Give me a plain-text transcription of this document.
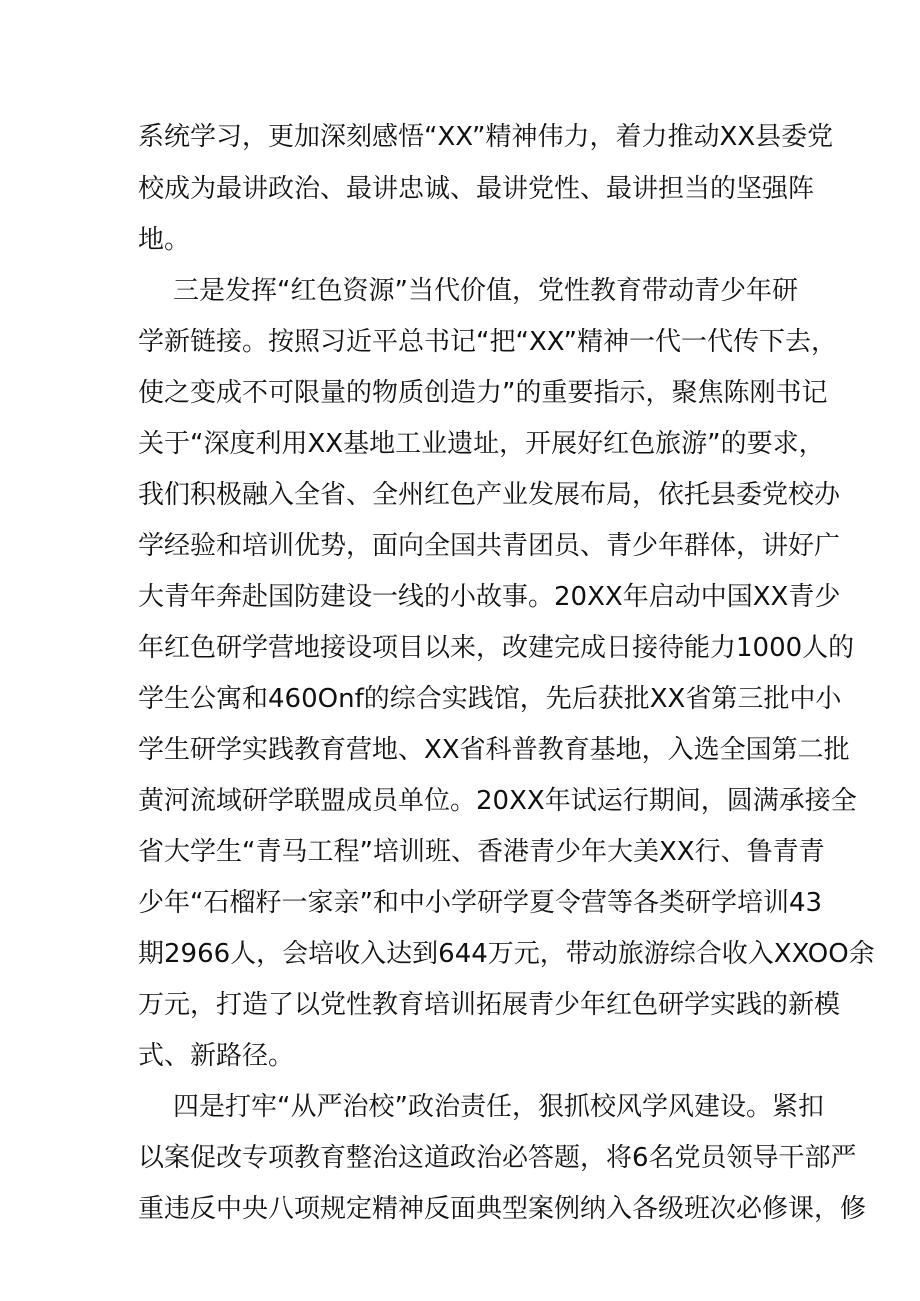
系统学习，更加深刻感悟“XX”精神伟力，着力推动XX县委党
校成为最讲政治、最讲忠诚、最讲党性、最讲担当的坚强阵
地。
三是发挥“红色资源”当代价值，党性教育带动青少年研
学新链接。按照习近平总书记“把“XX”精神一代一代传下去，
使之变成不可限量的物质创造力”的重要指示，聚焦陈刚书记
关于“深度利用XX基地工业遗址，开展好红色旅游”的要求，
我们积极融入全省、全州红色产业发展布局，依托县委党校办
学经验和培训优势，面向全国共青团员、青少年群体，讲好广
大青年奔赴国防建设一线的小故事。20XX年启动中国XX青少
年红色研学营地接设项目以来，改建完成日接待能力1000人的
学生公寓和460Onf的综合实践馆，先后获批XX省第三批中小
学生研学实践教育营地、XX省科普教育基地，入选全国第二批
黄河流域研学联盟成员单位。20XX年试运行期间，圆满承接全
省大学生“青马工程”培训班、香港青少年大美XX行、鲁青青
少年“石榴籽一家亲”和中小学研学夏令营等各类研学培训43
期2966人，会培收入达到644万元，带动旅游综合收入XXOO余
万元，打造了以党性教育培训拓展青少年红色研学实践的新模
式、新路径。
四是打牢“从严治校”政治责任，狠抓校风学风建设。紧扣
以案促改专项教育整治这道政治必答题，将6名党员领导干部严
重违反中央八项规定精神反面典型案例纳入各级班次必修课，修
